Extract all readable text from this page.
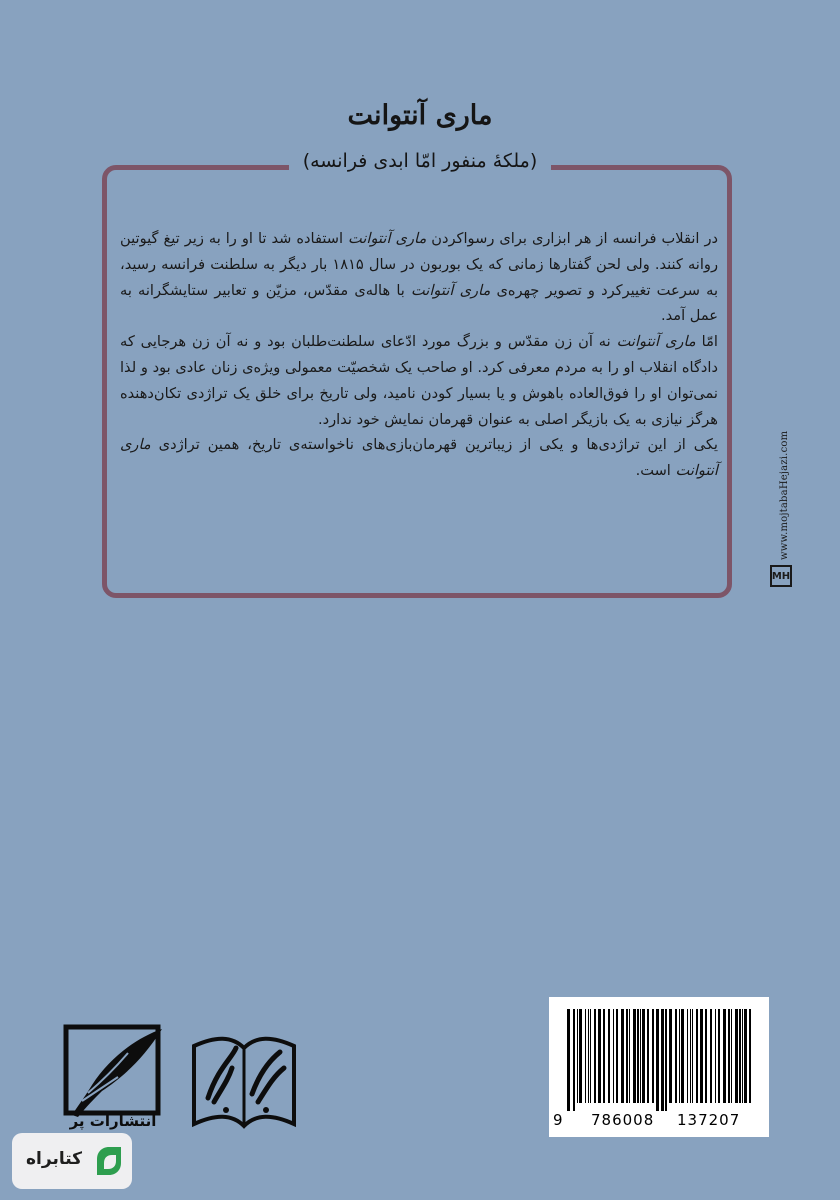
ماری آنتوانت
(ملکهٔ منفور امّا ابدی فرانسه)

در انقلاب فرانسه از هر ابزاری برای رسواکردن ماری آنتوانت استفاده شد تا او را به زیر تیغ گیوتین روانه کنند. ولی لحن گفتارها زمانی که یک بوربون در سال ۱۸۱۵ بار دیگر به سلطنت فرانسه رسید، به سرعت تغییرکرد و تصویر چهره‌ی ماری آنتوانت با هاله‌ی مقدّس، مزیّن و تعابیر ستایشگرانه به عمل آمد.

امّا ماری آنتوانت نه آن زن مقدّس و بزرگ مورد ادّعای سلطنت‌طلبان بود و نه آن زن هرجایی که دادگاه انقلاب او را به مردم معرفی کرد. او صاحب یک شخصیّت معمولی ویژه‌ی زنان عادی بود و لذا نمی‌توان او را فوق‌العاده باهوش و یا بسیار کودن نامید، ولی تاریخ برای خلق یک تراژدی تکان‌دهنده هرگز نیازی به یک بازیگر اصلی به عنوان قهرمان نمایش خود ندارد.

یکی از این تراژدی‌ها و یکی از زیباترین قهرمان‌بازی‌های ناخواسته‌ی تاریخ، همین تراژدی ماری آنتوانت است.	www.mojtabaHejazi.com
MH
9 786008 137207
انتشارات پر
کتابراه
